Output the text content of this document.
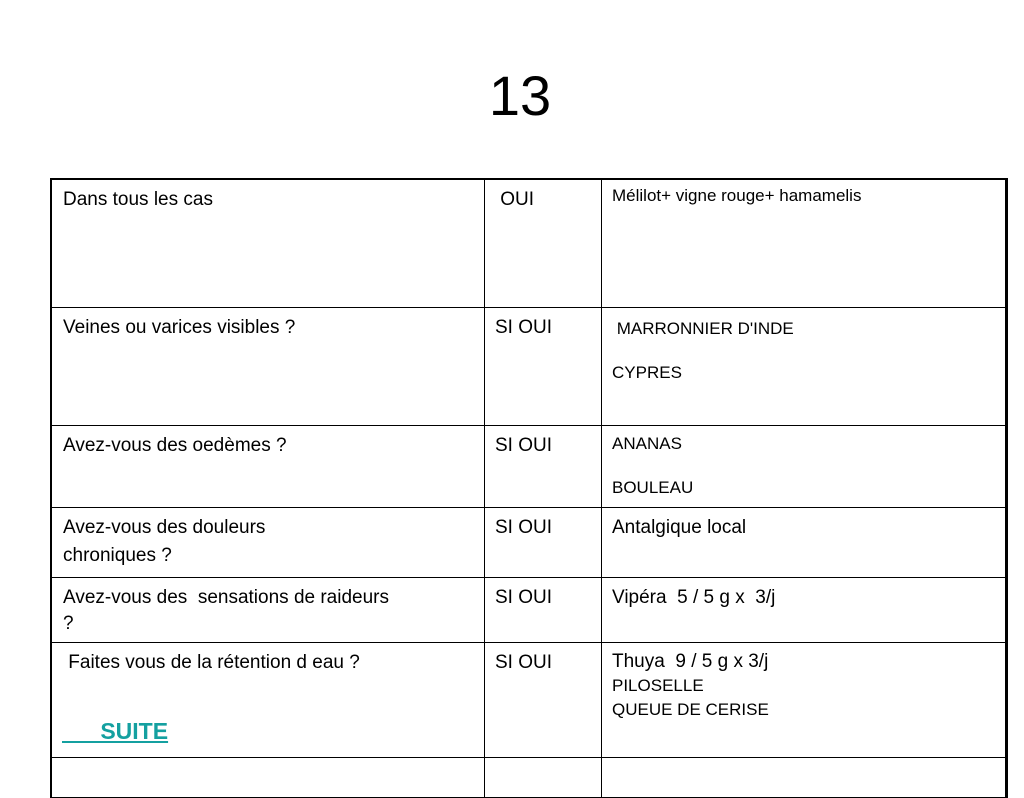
13
Dans tous les cas	OUI	Mélilot+ vigne rouge+ hamamelis

Veines ou varices visibles ?	SI OUI	MARRONNIER D'INDE
CYPRES

Avez-vous des oedèmes ?	SI OUI	ANANAS
BOULEAU

Avez-vous des douleurs
chroniques ?	SI OUI	Antalgique local

Avez-vous des  sensations de raideurs
?	SI OUI	Vipéra  5 / 5 g x  3/j
Faites vous de la rétention d eau ?	SI OUI	Thuya  9 / 5 g x 3/j
PILOSELLE
QUEUE DE CERISE

SUITE
